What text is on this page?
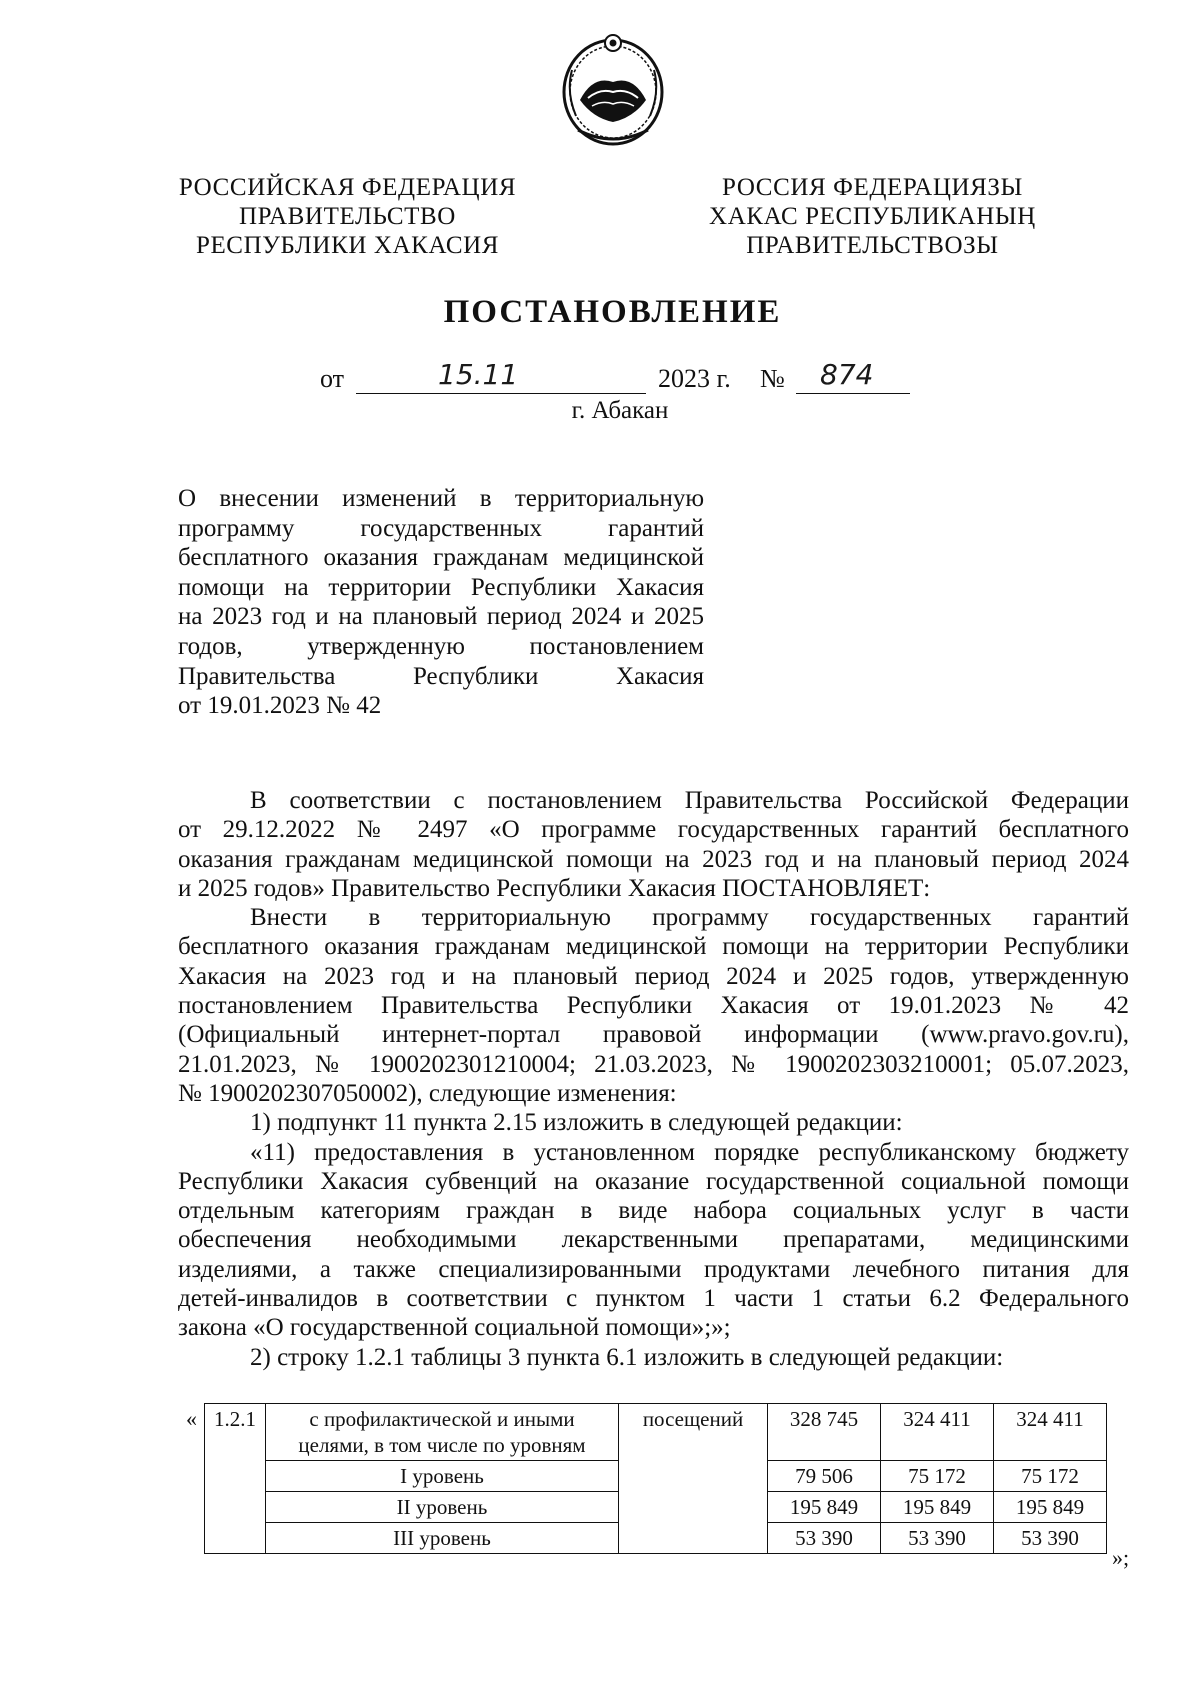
РОССИЙСКАЯ ФЕДЕРАЦИЯ
ПРАВИТЕЛЬСТВО
РЕСПУБЛИКИ ХАКАСИЯ
РОССИЯ ФЕДЕРАЦИЯЗЫ
ХАКАС РЕСПУБЛИКАНЫҢ
ПРАВИТЕЛЬСТВОЗЫ
ПОСТАНОВЛЕНИЕ
от	15.11	2023 г. № 874
г. Абакан
О внесении изменений в территориальную
программу государственных гарантий
бесплатного оказания гражданам медицинской
помощи на территории Республики Хакасия
на 2023 год и на плановый период 2024 и 2025
годов, утвержденную постановлением
Правительства Республики Хакасия
от 19.01.2023 № 42
В соответствии с постановлением Правительства Российской Федерации
от 29.12.2022 № 2497 «О программе государственных гарантий бесплатного
оказания гражданам медицинской помощи на 2023 год и на плановый период 2024
и 2025 годов» Правительство Республики Хакасия ПОСТАНОВЛЯЕТ:
Внести в территориальную программу государственных гарантий
бесплатного оказания гражданам медицинской помощи на территории Республики
Хакасия на 2023 год и на плановый период 2024 и 2025 годов, утвержденную
постановлением Правительства Республики Хакасия от 19.01.2023 № 42
(Официальный интернет-портал правовой информации (www.pravo.gov.ru),
21.01.2023, № 1900202301210004; 21.03.2023, № 1900202303210001; 05.07.2023,
№ 1900202307050002), следующие изменения:
1) подпункт 11 пункта 2.15 изложить в следующей редакции:
«11) предоставления в установленном порядке республиканскому бюджету
Республики Хакасия субвенций на оказание государственной социальной помощи
отдельным категориям граждан в виде набора социальных услуг в части
обеспечения необходимыми лекарственными препаратами, медицинскими
изделиями, а также специализированными продуктами лечебного питания для
детей-инвалидов в соответствии с пунктом 1 части 1 статьи 6.2 Федерального
закона «О государственной социальной помощи»;»;
2) строку 1.2.1 таблицы 3 пункта 6.1 изложить в следующей редакции:
« 1.2.1	с профилактической и иными целями, в том числе по уровням	посещений	328 745	324 411	324 411
	I уровень		79 506	75 172	75 172
	II уровень		195 849	195 849	195 849
	III уровень		53 390	53 390	53 390
»;
